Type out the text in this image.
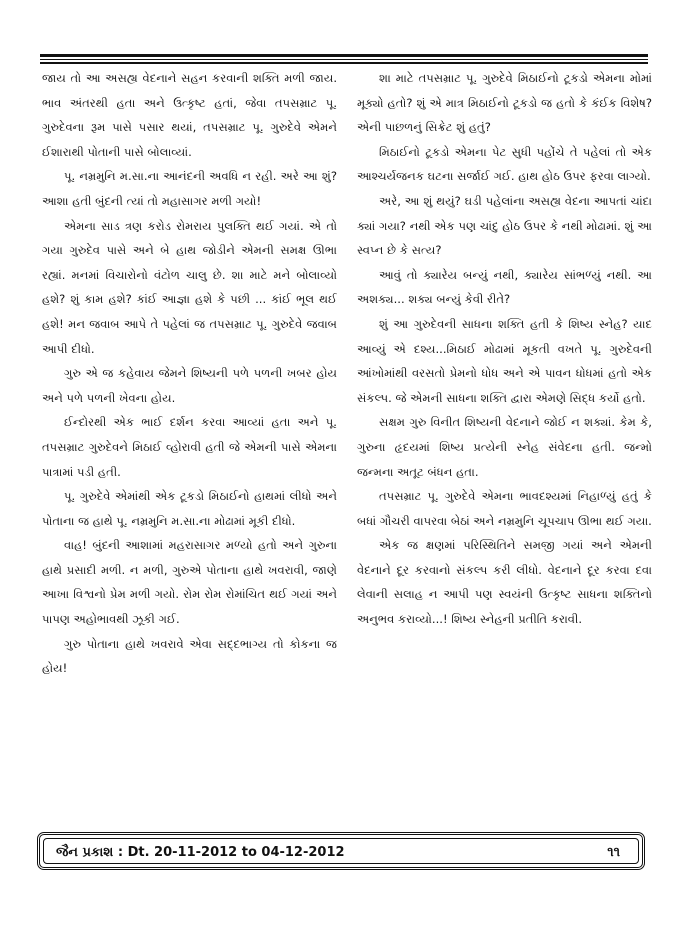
જાય તો આ અસહ્ય વેદનાને સહન કરવાની શક્તિ મળી જાય. ભાવ અંતરથી હતા અને ઉત્કૃષ્ટ હતાં, જેવા તપસમ્રાટ પૂ. ગુરુદેવના રૂમ પાસે પસાર થયાં, તપસમ્રાટ પૂ. ગુરુદેવે એમને ઈશારાથી પોતાની પાસે બોલાવ્યાં.

પૂ. નમ્રમુનિ મ.સા.ના આનંદની અવધિ ન રહી. અરે આ શું? આશા હતી બુંદની ત્યાં તો મહાસાગર મળી ગયો!

એમના સાડ ત્રણ કરોડ રોમરાય પુલક્તિ થઈ ગયાં. એ તો ગયા ગુરુદેવ પાસે અને બે હાથ જોડીને એમની સમક્ષ ઊભા રહ્યાં. મનમાં વિચારોનો વંટોળ ચાલુ છે. શા માટે મને બોલાવ્યો હશે? શું કામ હશે? કાંઈ આજ્ઞા હશે કે પછી ... કાંઈ ભૂલ થઈ હશે! મન જવાબ આપે તે પહેલાં જ તપસમ્રાટ પૂ. ગુરુદેવે જવાબ આપી દીધો.

ગુરુ એ જ કહેવાય જેમને શિષ્યની પળે પળની ખબર હોય અને પળે પળની ખેવના હોય.

ઈન્દોરથી એક ભાઈ દર્શન કરવા આવ્યાં હતા અને પૂ. તપસમ્રાટ ગુરુદેવને મિઠાઈ વ્હોરાવી હતી જે એમની પાસે એમના પાત્રામાં પડી હતી.

પૂ. ગુરુદેવે એમાંથી એક ટૂકડો મિઠાઈનો હાથમાં લીધો અને પોતાના જ હાથે પૂ. નમ્રમુનિ મ.સા.ના મોઢામાં મૂકી દીધો.

વાહ! બુંદની આશામાં મહરાસાગર મળ્યો હતો અને ગુરુના હાથે પ્રસાદી મળી. ન મળી, ગુરુએ પોતાના હાથે ખવરાવી, જાણે આખા વિશ્વનો પ્રેમ મળી ગયો. રોમ રોમ રોમાંચિત થઈ ગયાં અને પાપણ અહોભાવથી ઝૂકી ગઈ.

ગુરુ પોતાના હાથે ખવરાવે એવા સદ્દભાગ્ય તો કોકના જ હોય!

શા માટે તપસમ્રાટ પૂ. ગુરુદેવે મિઠાઈનો ટૂકડો એમના મોમાં મૂક્યો હતો? શું એ માત્ર મિઠાઈનો ટૂકડો જ હતો કે કંઈક વિશેષ? એની પાછળનું સિક્રેટ શું હતું?

મિઠાઈનો ટૂકડો એમના પેટ સુધી પહોંચે તે પહેલાં તો એક આશ્ચર્યજનક ઘટના સર્જાઈ ગઈ. હાથ હોઠ ઉપર ફરવા લાગ્યો.

અરે, આ શું થયું? ઘડી પહેલાંના અસહ્ય વેદના આપતાં ચાંદા ક્યાં ગયા? નથી એક પણ ચાંદુ હોઠ ઉપર કે નથી મોઢામાં. શું આ સ્વપ્ન છે કે સત્ય?

આવું તો ક્યારેય બન્યું નથી, ક્યારેય સાંભળ્યું નથી. આ અશક્ય... શક્ય બન્યું કેવી રીતે?

શું આ ગુરુદેવની સાધના શક્તિ હતી કે શિષ્ય સ્નેહ? યાદ આવ્યું એ દશ્ય...મિઠાઈ મોઢામાં મૂકતી વખતે પૂ. ગુરુદેવની આંખોમાંથી વરસતો પ્રેમનો ધોધ અને એ પાવન ધોધમાં હતો એક સંકલ્પ. જે એમની સાધના શક્તિ દ્વારા એમણે સિદ્ધ કર્યો હતો.

સક્ષમ ગુરુ વિનીત શિષ્યની વેદનાને જોઈ ન શક્યાં. કેમ કે, ગુરુના હૃદયમાં શિષ્ય પ્રત્યેની સ્નેહ સંવેદના હતી. જન્મો જન્મના અતૂટ બંધન હતા.

તપસમ્રાટ પૂ. ગુરુદેવે એમના ભાવદશ્યમાં નિહાળ્યું હતું કે બધાં ગૌચરી વાપરવા બેઠાં અને નમ્રમુનિ ચૂપચાપ ઊભા થઈ ગયા.

એક જ ક્ષણમાં પરિસ્થિતિને સમજી ગયાં અને એમની વેદનાને દૂર કરવાનો સંકલ્પ કરી લીધો. વેદનાને દૂર કરવા દવા લેવાની સલાહ ન આપી પણ સ્વયંની ઉત્કૃષ્ટ સાધના શક્તિનો અનુભવ કરાવ્યો...! શિષ્ય સ્નેહની પ્રતીતિ કરાવી.

જૈન પ્રકાશ : Dt. 20-11-2012 to 04-12-2012	૧૧
